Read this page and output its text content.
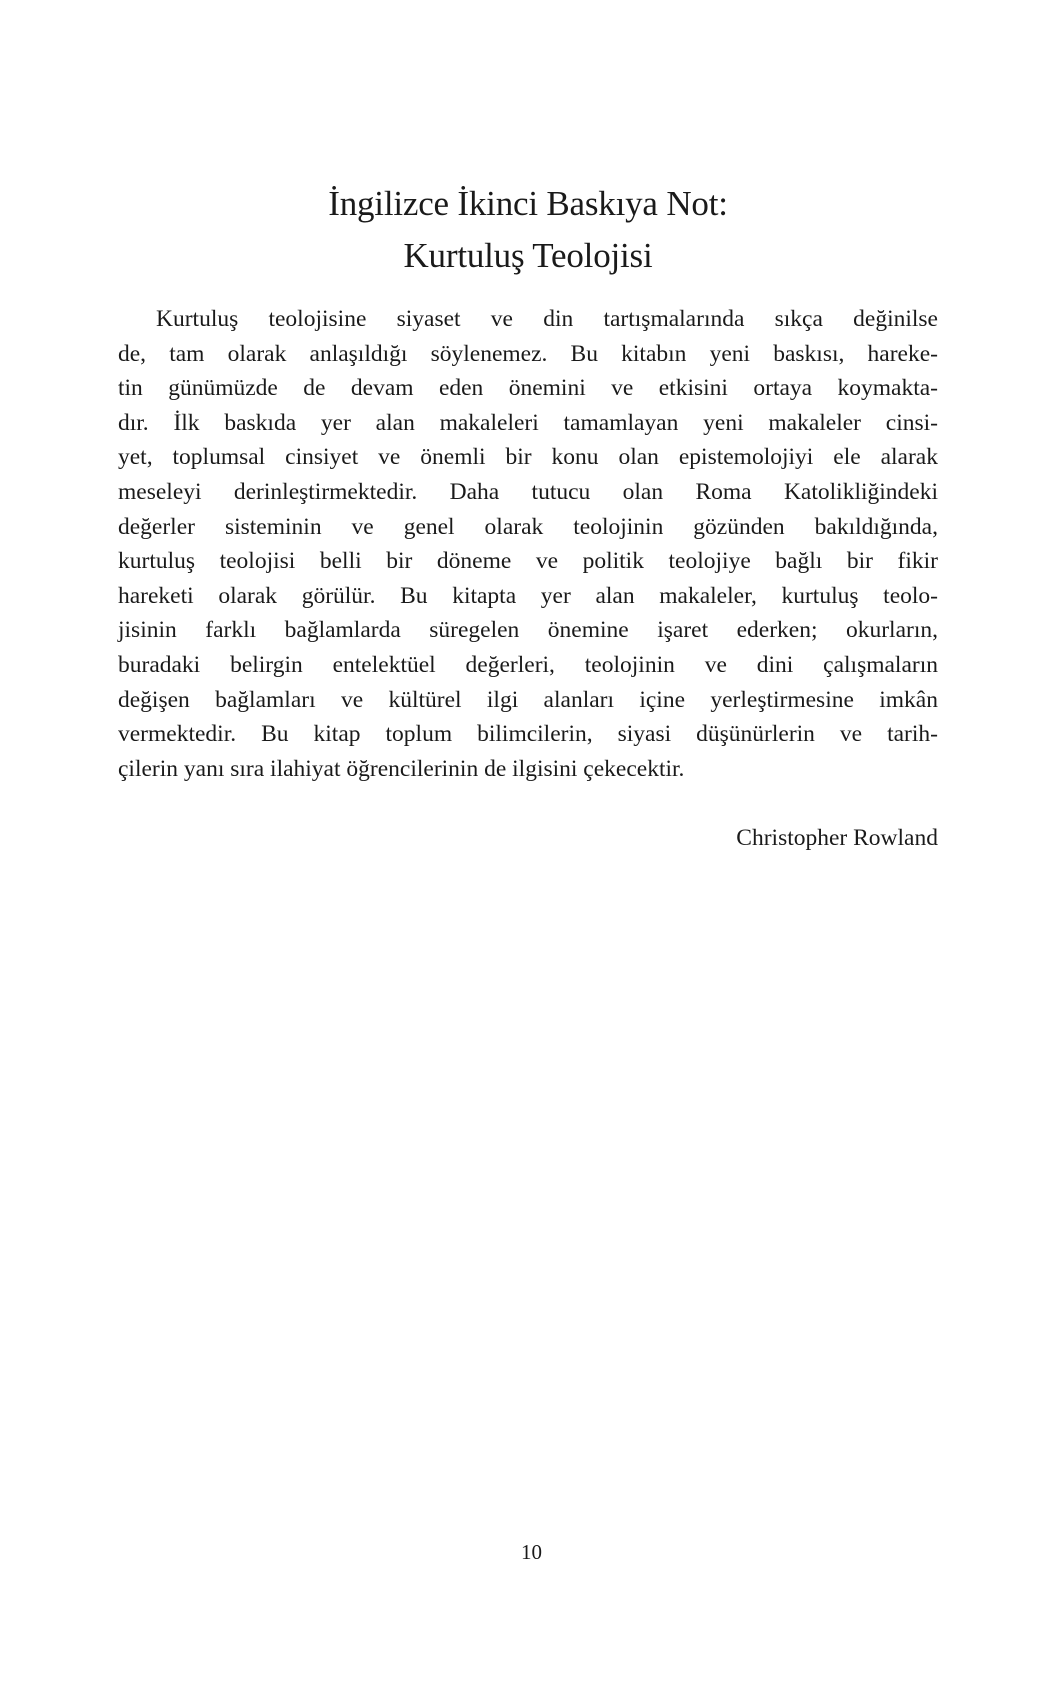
İngilizce İkinci Baskıya Not:
Kurtuluş Teolojisi
Kurtuluş teolojisine siyaset ve din tartışmalarında sıkça değinilse
de, tam olarak anlaşıldığı söylenemez. Bu kitabın yeni baskısı, hareke-
tin günümüzde de devam eden önemini ve etkisini ortaya koymakta-
dır. İlk baskıda yer alan makaleleri tamamlayan yeni makaleler cinsi-
yet, toplumsal cinsiyet ve önemli bir konu olan epistemolojiyi ele alarak
meseleyi derinleştirmektedir. Daha tutucu olan Roma Katolikliğindeki
değerler sisteminin ve genel olarak teolojinin gözünden bakıldığında,
kurtuluş teolojisi belli bir döneme ve politik teolojiye bağlı bir fikir
hareketi olarak görülür. Bu kitapta yer alan makaleler, kurtuluş teolo-
jisinin farklı bağlamlarda süregelen önemine işaret ederken; okurların,
buradaki belirgin entelektüel değerleri, teolojinin ve dini çalışmaların
değişen bağlamları ve kültürel ilgi alanları içine yerleştirmesine imkân
vermektedir. Bu kitap toplum bilimcilerin, siyasi düşünürlerin ve tarih-
çilerin yanı sıra ilahiyat öğrencilerinin de ilgisini çekecektir.
Christopher Rowland
10
